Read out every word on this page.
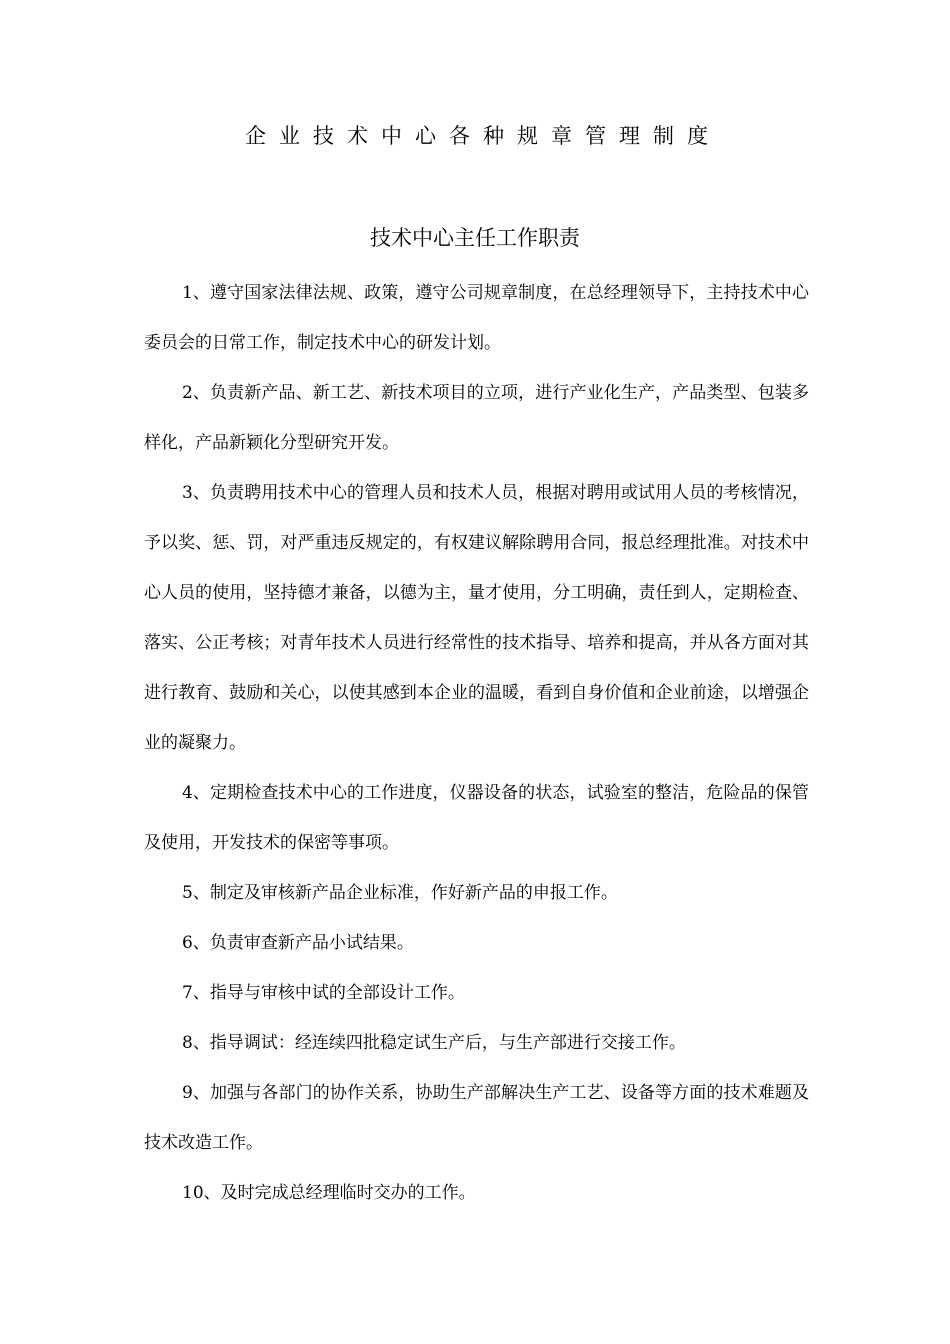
企业技术中心各种规章管理制度
技术中心主任工作职责

1、遵守国家法律法规、政策，遵守公司规章制度，在总经理领导下，主持技术中心委员会的日常工作，制定技术中心的研发计划。

2、负责新产品、新工艺、新技术项目的立项，进行产业化生产，产品类型、包装多样化，产品新颖化分型研究开发。

3、负责聘用技术中心的管理人员和技术人员，根据对聘用或试用人员的考核情况，予以奖、惩、罚，对严重违反规定的，有权建议解除聘用合同，报总经理批准。对技术中心人员的使用，坚持德才兼备，以德为主，量才使用，分工明确，责任到人，定期检查、落实、公正考核；对青年技术人员进行经常性的技术指导、培养和提高，并从各方面对其进行教育、鼓励和关心，以使其感到本企业的温暖，看到自身价值和企业前途，以增强企业的凝聚力。

4、定期检查技术中心的工作进度，仪器设备的状态，试验室的整洁，危险品的保管及使用，开发技术的保密等事项。

5、制定及审核新产品企业标准，作好新产品的申报工作。

6、负责审查新产品小试结果。

7、指导与审核中试的全部设计工作。

8、指导调试：经连续四批稳定试生产后，与生产部进行交接工作。

9、加强与各部门的协作关系，协助生产部解决生产工艺、设备等方面的技术难题及技术改造工作。

10、及时完成总经理临时交办的工作。
